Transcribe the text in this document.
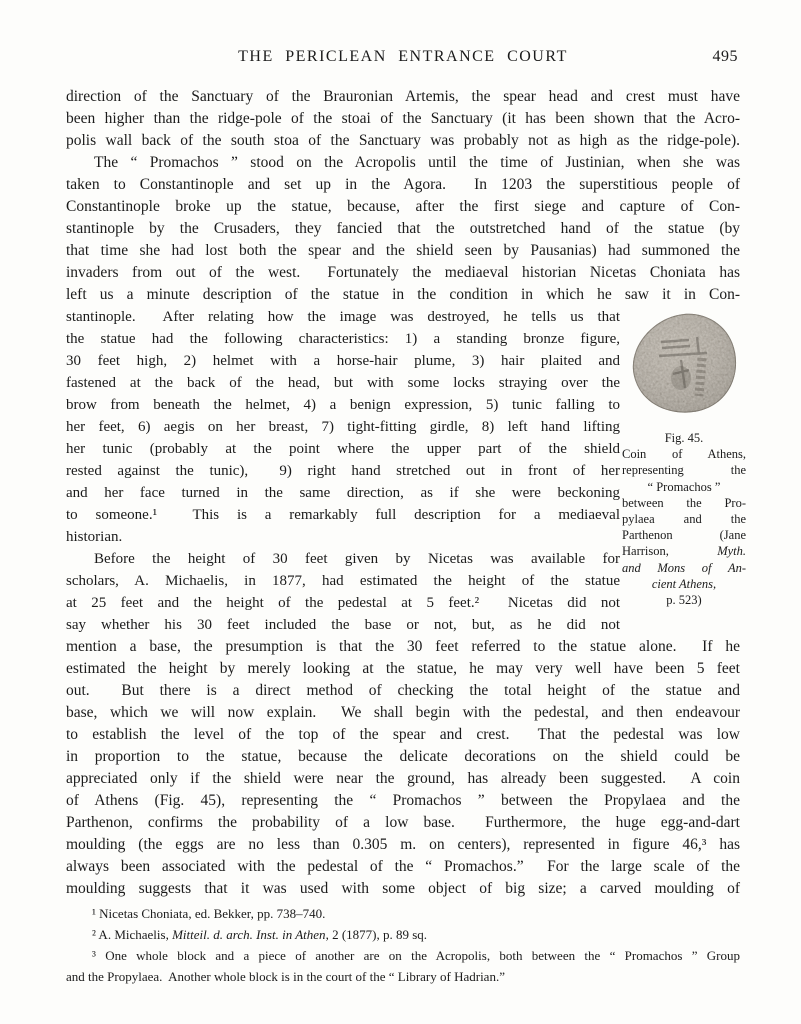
THE PERICLEAN ENTRANCE COURT	495
direction of the Sanctuary of the Brauronian Artemis, the spear head and crest must have
been higher than the ridge-pole of the stoai of the Sanctuary (it has been shown that the Acro-
polis wall back of the south stoa of the Sanctuary was probably not as high as the ridge-pole).
The “ Promachos ” stood on the Acropolis until the time of Justinian, when she was
taken to Constantinople and set up in the Agora.  In 1203 the superstitious people of
Constantinople broke up the statue, because, after the first siege and capture of Con-
stantinople by the Crusaders, they fancied that the outstretched hand of the statue (by
that time she had lost both the spear and the shield seen by Pausanias) had summoned the
invaders from out of the west.  Fortunately the mediaeval historian Nicetas Choniata has
left us a minute description of the statue in the condition in which he saw it in Con-
stantinople.  After relating how the image was destroyed, he tells us that
the statue had the following characteristics: 1) a standing bronze figure,
30 feet high, 2) helmet with a horse-hair plume, 3) hair plaited and
fastened at the back of the head, but with some locks straying over the
brow from beneath the helmet, 4) a benign expression, 5) tunic falling to
her feet, 6) aegis on her breast, 7) tight-fitting girdle, 8) left hand lifting
her tunic (probably at the point where the upper part of the shield
rested against the tunic),  9) right hand stretched out in front of her
and her face turned in the same direction, as if she were beckoning
to someone.¹  This is a remarkably full description for a mediaeval
historian.
Before the height of 30 feet given by Nicetas was available for
scholars, A. Michaelis, in 1877, had estimated the height of the statue
at 25 feet and the height of the pedestal at 5 feet.²  Nicetas did not
say whether his 30 feet included the base or not, but, as he did not
mention a base, the presumption is that the 30 feet referred to the statue alone.  If he
estimated the height by merely looking at the statue, he may very well have been 5 feet
out.  But there is a direct method of checking the total height of the statue and
base, which we will now explain.  We shall begin with the pedestal, and then endeavour
to establish the level of the top of the spear and crest.  That the pedestal was low
in proportion to the statue, because the delicate decorations on the shield could be
appreciated only if the shield were near the ground, has already been suggested.  A coin
of Athens (Fig. 45), representing the “ Promachos ” between the Propylaea and the
Parthenon, confirms the probability of a low base.  Furthermore, the huge egg-and-dart
moulding (the eggs are no less than 0.305 m. on centers), represented in figure 46,³ has
always been associated with the pedestal of the “ Promachos.”  For the large scale of the
moulding suggests that it was used with some object of big size; a carved moulding of
Fig. 45.
Coin of Athens,
representing the
“ Promachos ”
between the Pro-
pylaea and the
Parthenon (Jane
Harrison, Myth.
and Mons of An-
cient Athens,
p. 523)
¹ Nicetas Choniata, ed. Bekker, pp. 738–740.
² A. Michaelis, Mitteil. d. arch. Inst. in Athen, 2 (1877), p. 89 sq.
³ One whole block and a piece of another are on the Acropolis, both between the “ Promachos ” Group
and the Propylaea.  Another whole block is in the court of the “ Library of Hadrian.”
